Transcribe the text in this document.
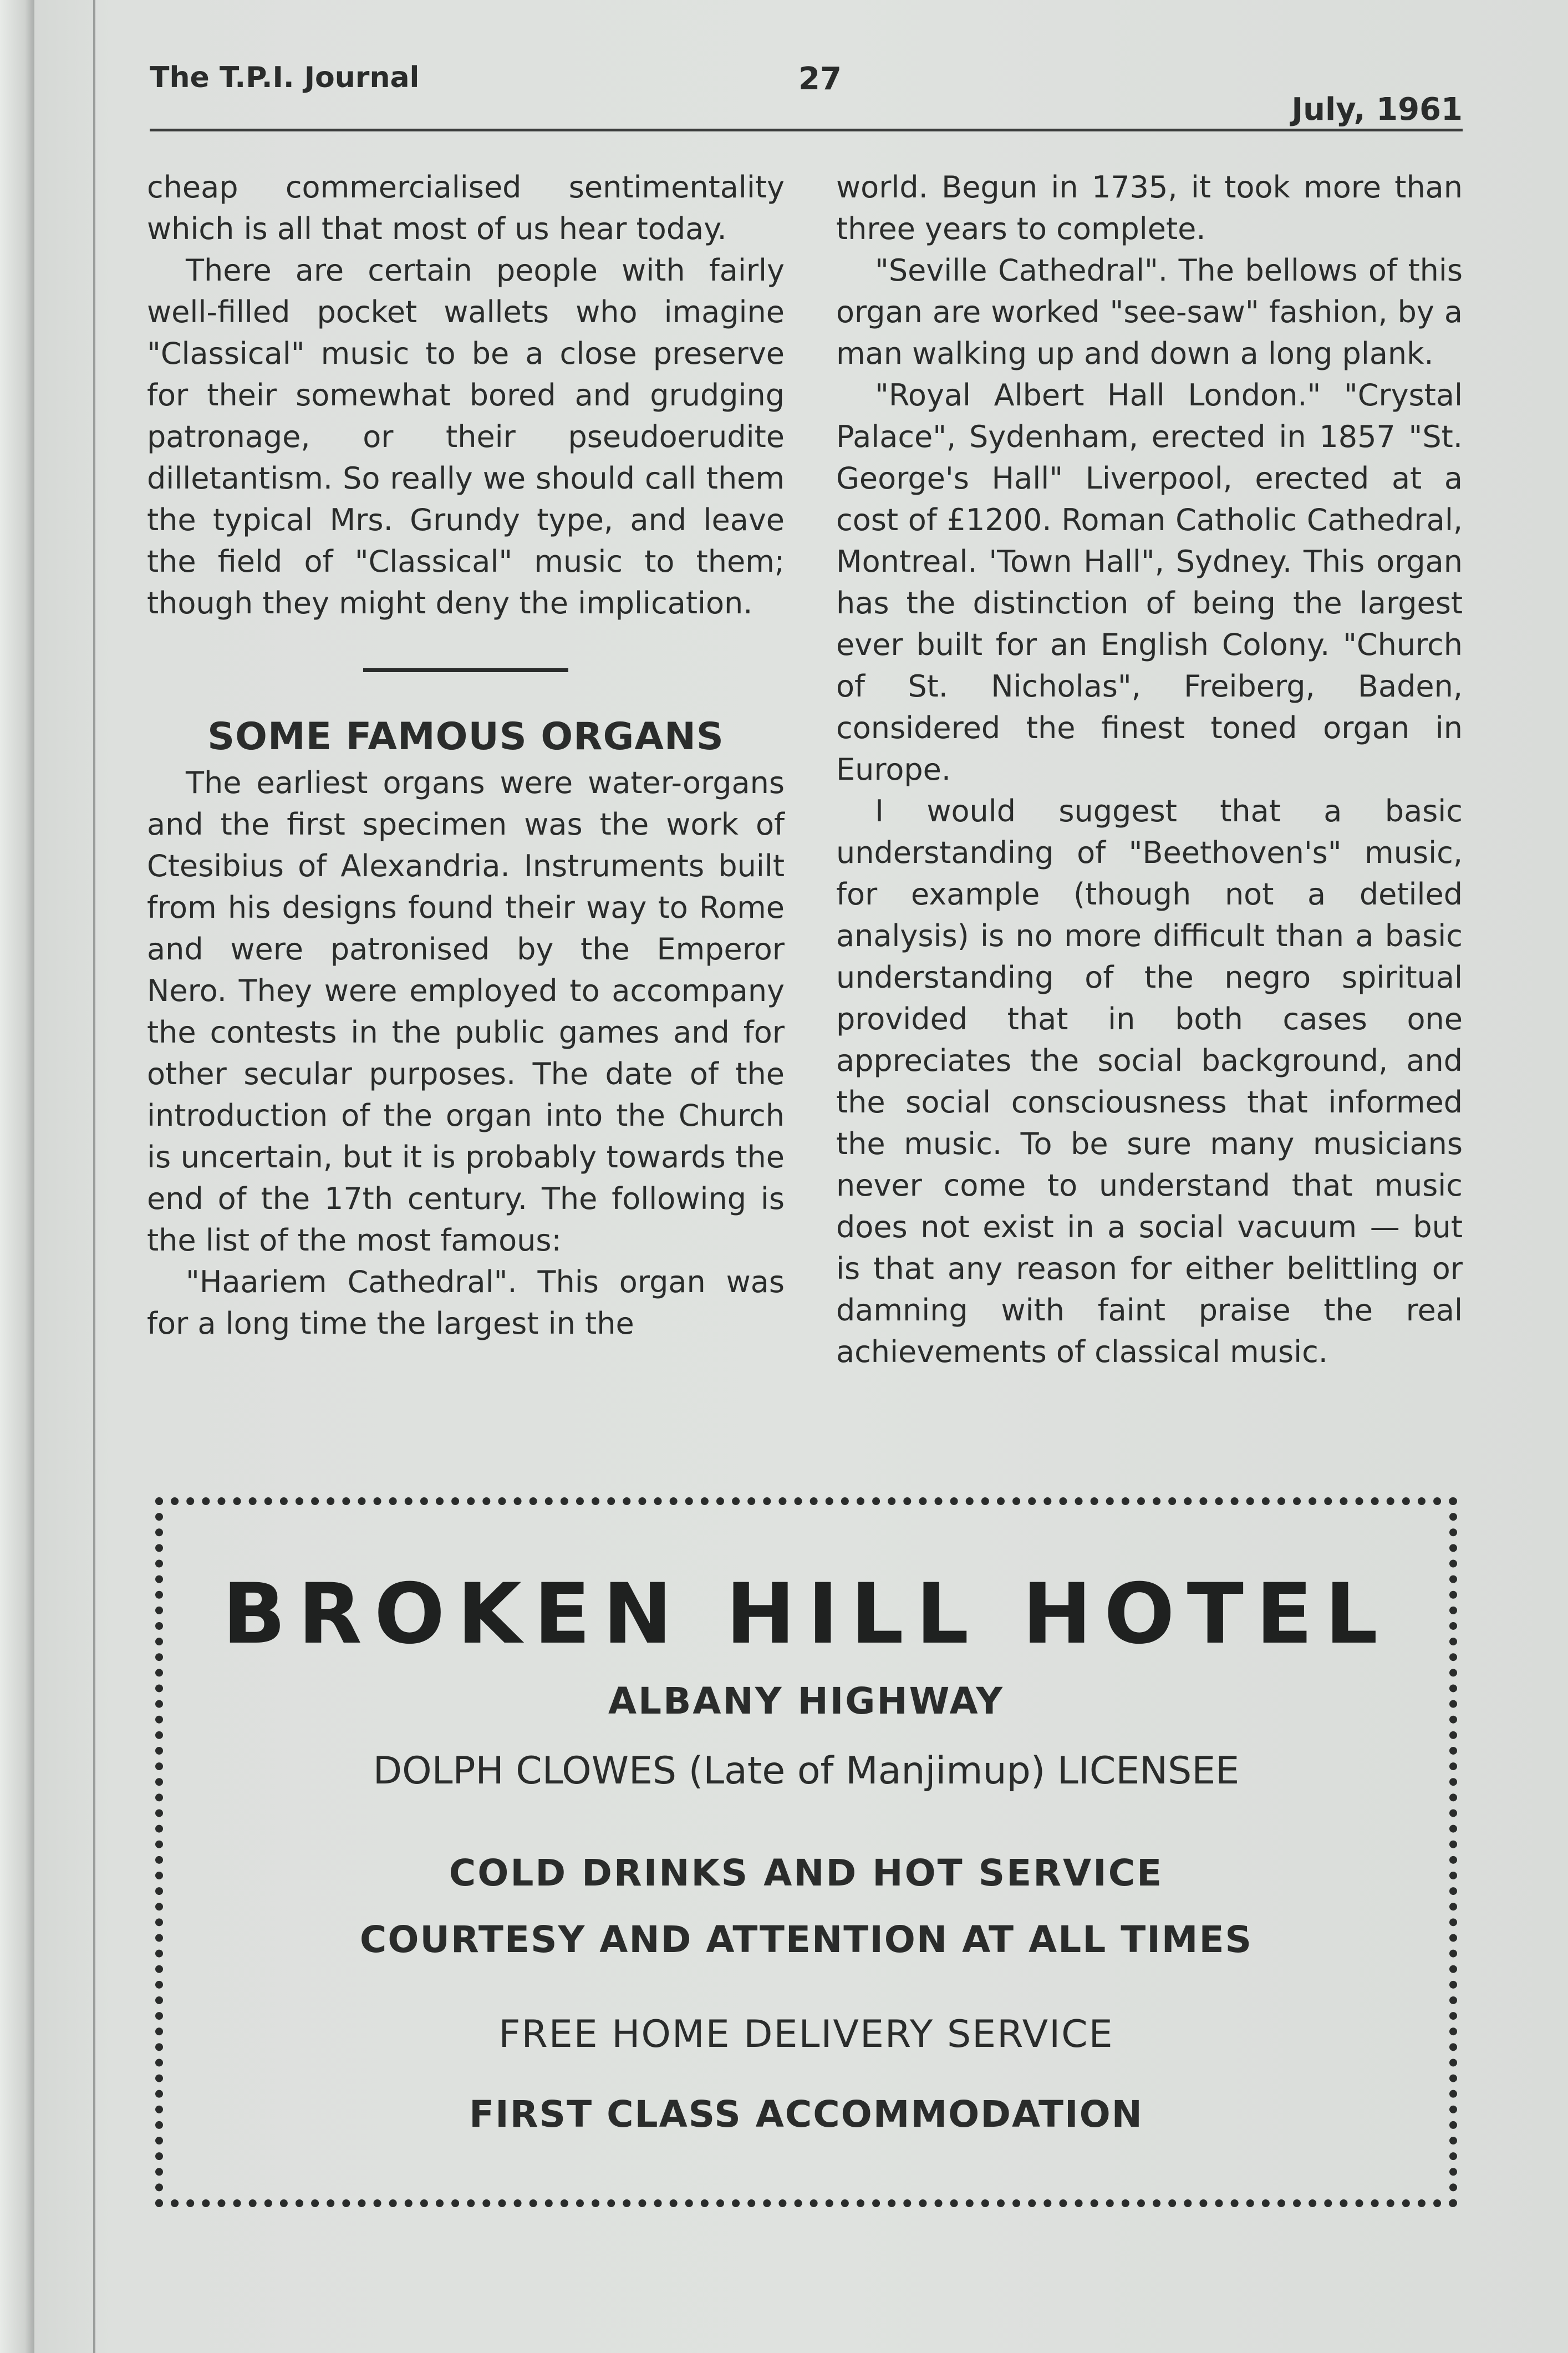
The T.P.I. Journal	27
July, 1961

cheap commercialised sentimentality which is all that most of us hear today.

There are certain people with fairly well-filled pocket wallets who imagine "Classical" music to be a close preserve for their somewhat bored and grudging patronage, or their pseudoerudite dilletantism. So really we should call them the typical Mrs. Grundy type, and leave the field of "Classical" music to them; though they might deny the implication.

SOME FAMOUS ORGANS

The earliest organs were water-organs and the first specimen was the work of Ctesibius of Alexandria. Instruments built from his designs found their way to Rome and were patronised by the Emperor Nero. They were employed to accompany the contests in the public games and for other secular purposes. The date of the introduction of the organ into the Church is uncertain, but it is probably towards the end of the 17th century. The following is the list of the most famous:

"Haariem Cathedral". This organ was for a long time the largest in the

world. Begun in 1735, it took more than three years to complete.

"Seville Cathedral". The bellows of this organ are worked "see-saw" fashion, by a man walking up and down a long plank.

"Royal Albert Hall London." "Crystal Palace", Sydenham, erected in 1857 "St. George's Hall" Liverpool, erected at a cost of £1200. Roman Catholic Cathedral, Montreal. 'Town Hall", Sydney. This organ has the distinction of being the largest ever built for an English Colony. "Church of St. Nicholas", Freiberg, Baden, considered the finest toned organ in Europe.

I would suggest that a basic understanding of "Beethoven's" music, for example (though not a detiled analysis) is no more difficult than a basic understanding of the negro spiritual provided that in both cases one appreciates the social background, and the social consciousness that informed the music. To be sure many musicians never come to understand that music does not exist in a social vacuum — but is that any reason for either belittling or damning with faint praise the real achievements of classical music.

BROKEN HILL HOTEL
ALBANY HIGHWAY
DOLPH CLOWES (Late of Manjimup) LICENSEE
COLD DRINKS AND HOT SERVICE
COURTESY AND ATTENTION AT ALL TIMES
FREE HOME DELIVERY SERVICE
FIRST CLASS ACCOMMODATION
